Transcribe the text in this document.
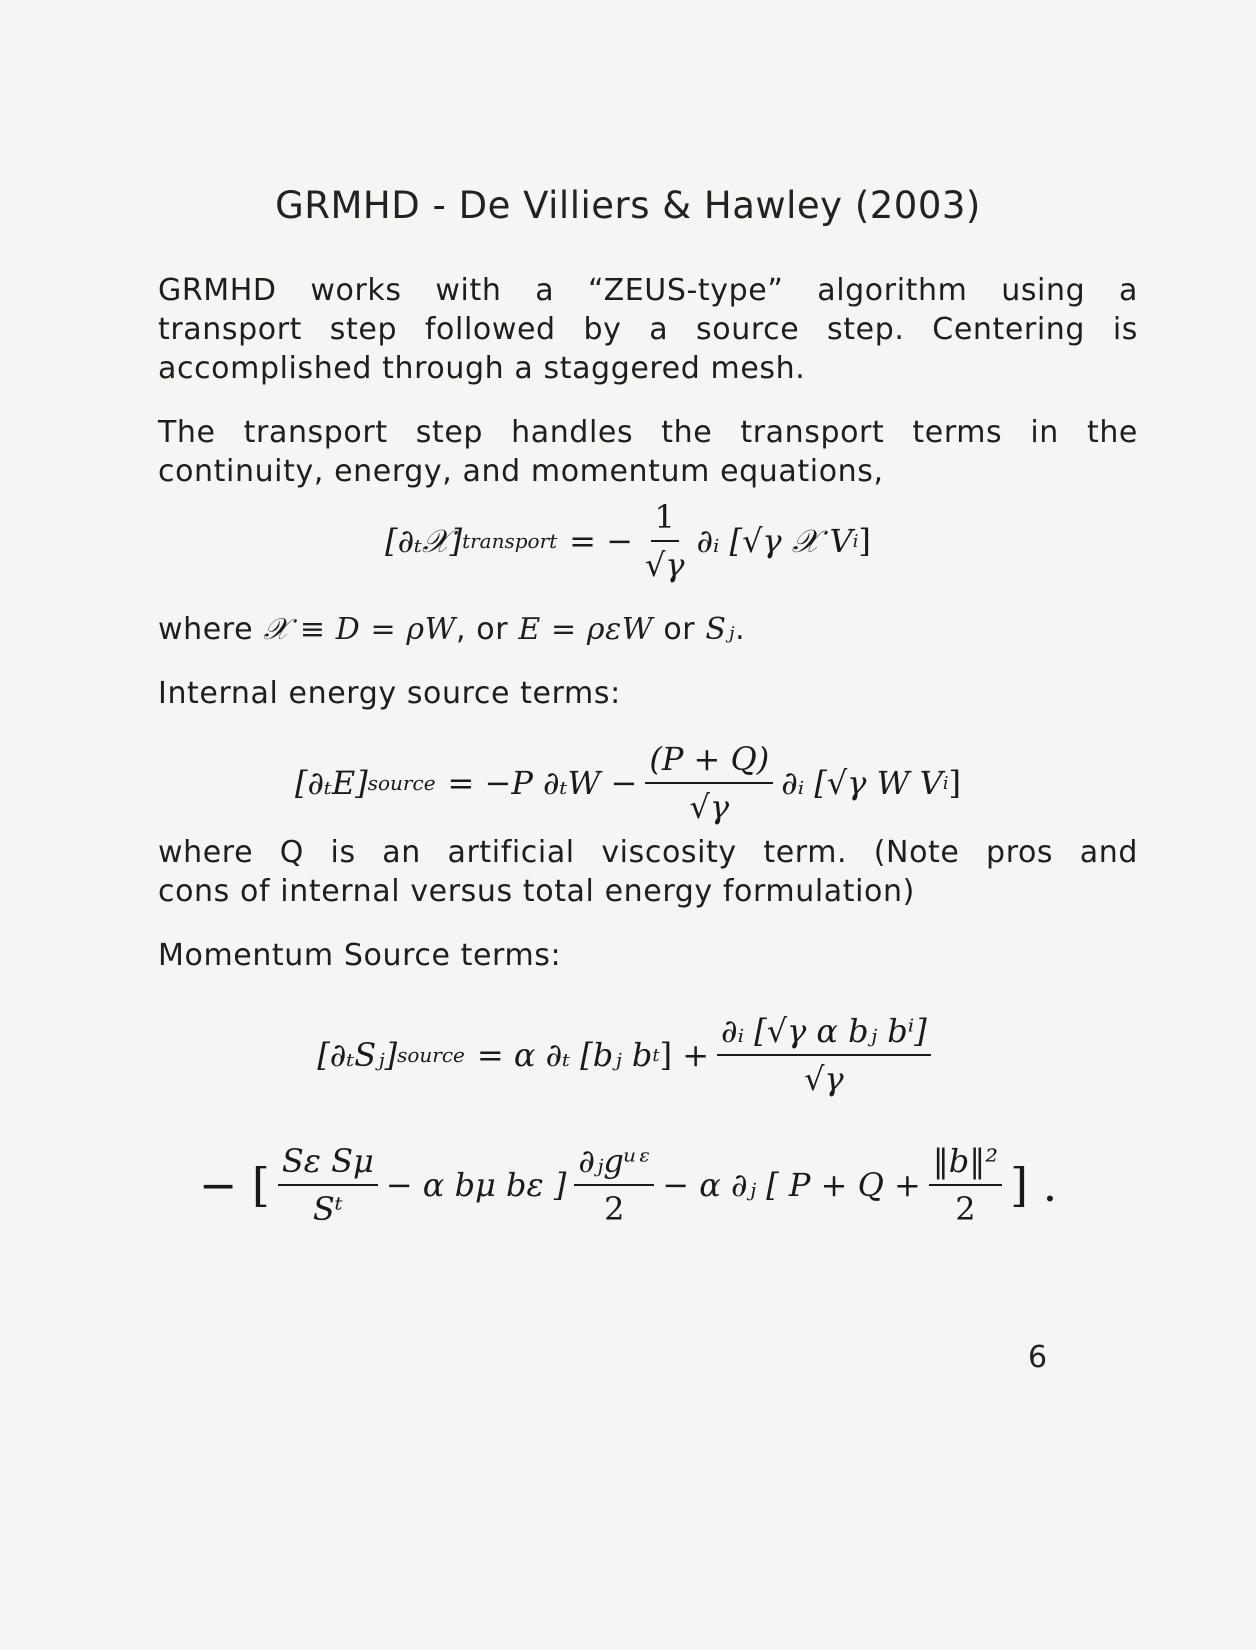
GRMHD - De Villiers & Hawley (2003)
GRMHD works with a “ZEUS-type” algorithm using a
transport step followed by a source step. Centering is
accomplished through a staggered mesh.
The transport step handles the transport terms in the
continuity, energy, and momentum equations,
[∂ₜ𝒳] transport = − $\frac{1}{√\gamma}$ ∂ᵢ [√γ 𝒳 V i ]
where 𝒳 ≡ D = ρW, or E = ρεW or Sⱼ.
Internal energy source terms:
[∂ₜE] source = −P $\partial_tW - \frac{(P + Q)}{√\gamma}$ ∂ᵢ [√γ W V i ]
where Q is an artificial viscosity term. (Note pros and
cons of internal versus total energy formulation)
Momentum Source terms:
[∂ₜSⱼ] source = α ∂ₜ [bⱼ b t ] + $\frac{\text{∂ᵢ [√γ α bⱼ bⁱ]}}{√\gamma}$
− [ $\frac{\text{Sε Sμ}}{\text{Sᵗ}} - \alpha$ bμ bε ] $\frac{\text{∂ⱼgᵘᵋ}}{2} - \alpha$ ∂ⱼ [ $P + Q + \frac{\text{‖b‖²}}{2}$ ] .
6
